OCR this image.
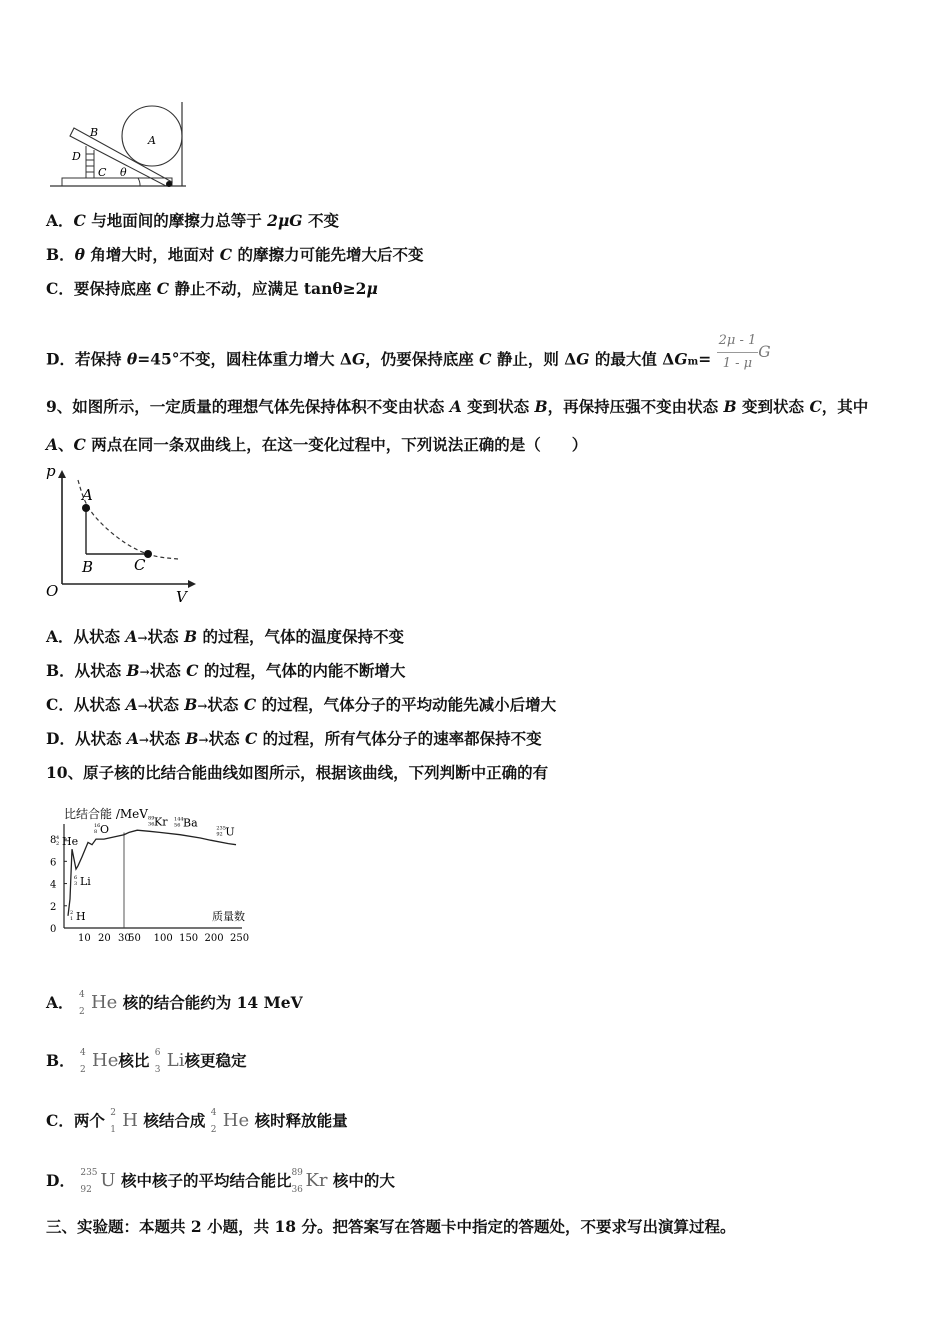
A
B
D
C θ
A．C 与地面间的摩擦力总等于 2μG 不变
B．θ 角增大时，地面对 C 的摩擦力可能先增大后不变
C．要保持底座 C 静止不动，应满足 tanθ≥2μ
D．若保持 θ=45°不变，圆柱体重力增大 ΔG，仍要保持底座 C 静止，则 ΔG 的最大值 $\Delta Gm= \frac{2\mu - 1}{1 - \mu}$ G
9、如图所示，一定质量的理想气体先保持体积不变由状态 A 变到状态 B，再保持压强不变由状态 B 变到状态 C，其中
A、C 两点在同一条双曲线上，在这一变化过程中，下列说法正确的是（　　）
p
A
B	C
O	V
A．从状态 A→状态 B 的过程，气体的温度保持不变
B．从状态 B→状态 C 的过程，气体的内能不断增大
C．从状态 A→状态 B→状态 C 的过程，气体分子的平均动能先减小后增大
D．从状态 A→状态 B→状态 C 的过程，所有气体分子的速率都保持不变
10、原子核的比结合能曲线如图所示，根据该曲线，下列判断中正确的有
比结合能 /MeV
质量数
10 20 30
50 100 150 200 250
0
2
4
6
8
2
1 H
6
3 Li
4
2 He
16
8 O
89
36 Kr 144
56 Ba	235
92 U
A． 4
2 He 核的结合能约为 14 MeV
B． 4
2 He核比 6
3 Li核更稳定
C．两个 2
1 H 核结合成 4
2 He 核时释放能量
D． 235
92 U 核中核子的平均结合能比 89
36 Kr 核中的大
三、实验题：本题共 2 小题，共 18 分。把答案写在答题卡中指定的答题处，不要求写出演算过程。
